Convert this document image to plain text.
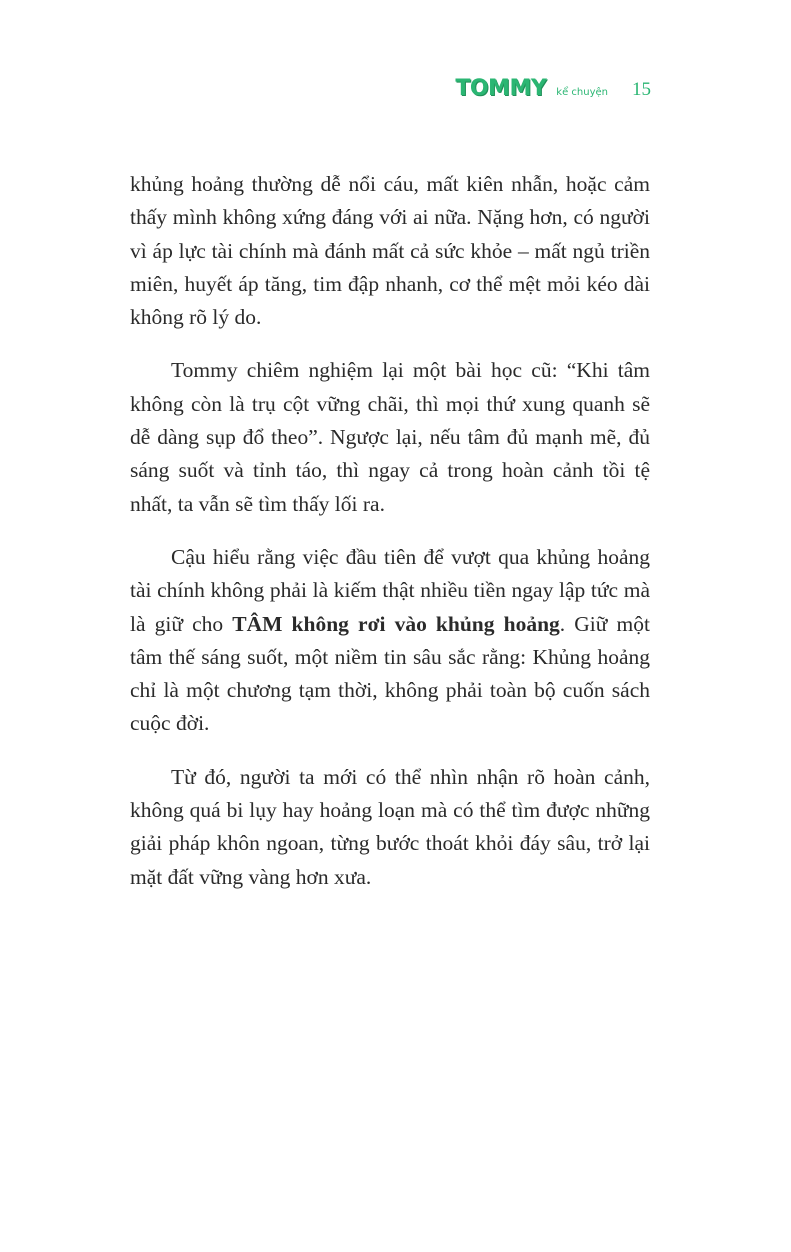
TOMMY kể chuyện 15

khủng hoảng thường dễ nổi cáu, mất kiên nhẫn, hoặc cảm thấy mình không xứng đáng với ai nữa. Nặng hơn, có người vì áp lực tài chính mà đánh mất cả sức khỏe – mất ngủ triền miên, huyết áp tăng, tim đập nhanh, cơ thể mệt mỏi kéo dài không rõ lý do.

Tommy chiêm nghiệm lại một bài học cũ: “Khi tâm không còn là trụ cột vững chãi, thì mọi thứ xung quanh sẽ dễ dàng sụp đổ theo”. Ngược lại, nếu tâm đủ mạnh mẽ, đủ sáng suốt và tỉnh táo, thì ngay cả trong hoàn cảnh tồi tệ nhất, ta vẫn sẽ tìm thấy lối ra.

Cậu hiểu rằng việc đầu tiên để vượt qua khủng hoảng tài chính không phải là kiếm thật nhiều tiền ngay lập tức mà là giữ cho TÂM không rơi vào khủng hoảng. Giữ một tâm thế sáng suốt, một niềm tin sâu sắc rằng: Khủng hoảng chỉ là một chương tạm thời, không phải toàn bộ cuốn sách cuộc đời.

Từ đó, người ta mới có thể nhìn nhận rõ hoàn cảnh, không quá bi lụy hay hoảng loạn mà có thể tìm được những giải pháp khôn ngoan, từng bước thoát khỏi đáy sâu, trở lại mặt đất vững vàng hơn xưa.
